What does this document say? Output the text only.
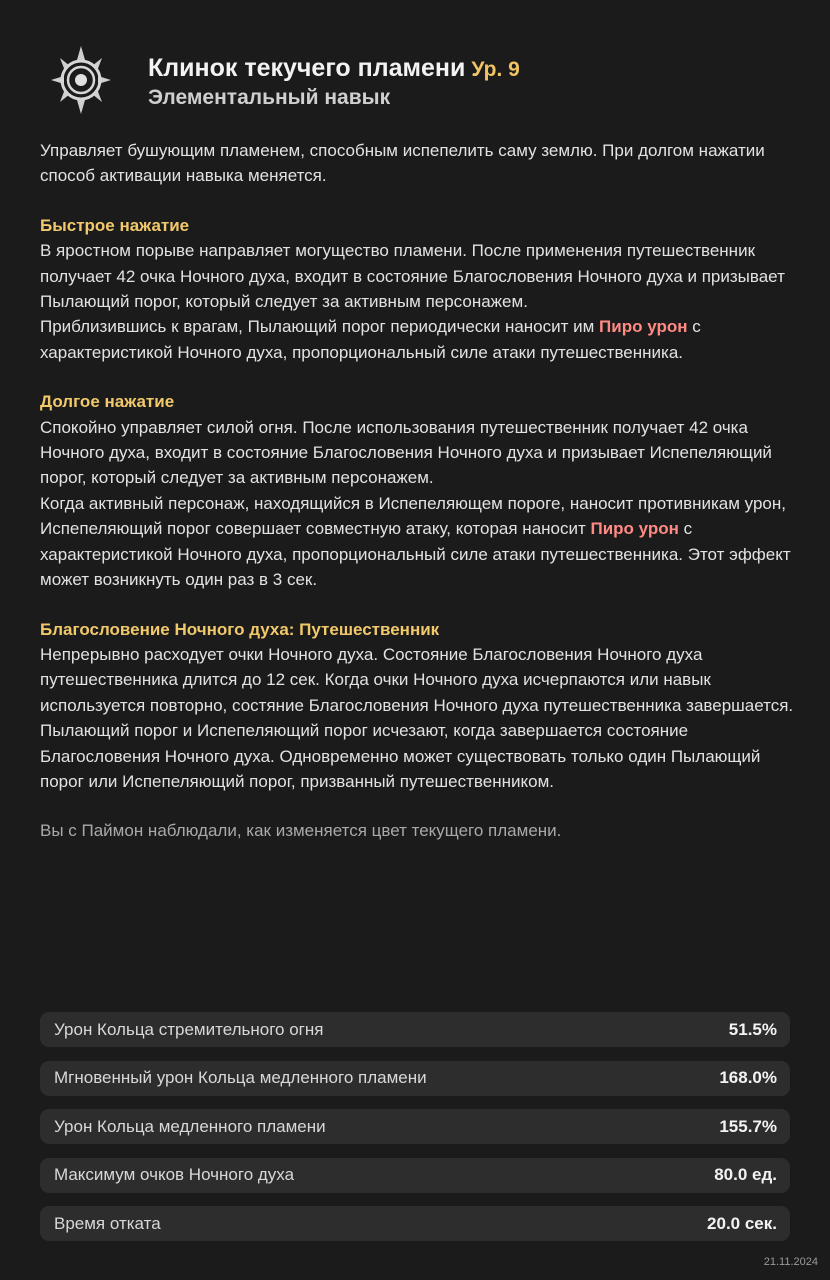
Клинок текучего пламени Ур. 9
Элементальный навык

Управляет бушующим пламенем, способным испепелить саму землю. При долгом нажатии способ активации навыка меняется.

Быстрое нажатие

В яростном порыве направляет могущество пламени. После применения путешественник получает 42 очка Ночного духа, входит в состояние Благословения Ночного духа и призывает Пылающий порог, который следует за активным персонажем.

Приблизившись к врагам, Пылающий порог периодически наносит им Пиро урон с характеристикой Ночного духа, пропорциональный силе атаки путешественника.

Долгое нажатие

Спокойно управляет силой огня. После использования путешественник получает 42 очка Ночного духа, входит в состояние Благословения Ночного духа и призывает Испепеляющий порог, который следует за активным персонажем.

Когда активный персонаж, находящийся в Испепеляющем пороге, наносит противникам урон, Испепеляющий порог совершает совместную атаку, которая наносит Пиро урон с характеристикой Ночного духа, пропорциональный силе атаки путешественника. Этот эффект может возникнуть один раз в 3 сек.

Благословение Ночного духа: Путешественник

Непрерывно расходует очки Ночного духа. Состояние Благословения Ночного духа путешественника длится до 12 сек. Когда очки Ночного духа исчерпаются или навык используется повторно, состяние Благословения Ночного духа путешественника завершается.

Пылающий порог и Испепеляющий порог исчезают, когда завершается состояние Благословения Ночного духа. Одновременно может существовать только один Пылающий порог или Испепеляющий порог, призванный путешественником.

Вы с Паймон наблюдали, как изменяется цвет текущего пламени.

Урон Кольца стремительного огня	51.5%
Мгновенный урон Кольца медленного пламени	168.0%
Урон Кольца медленного пламени	155.7%
Максимум очков Ночного духа	80.0 ед.
Время отката	20.0 сек.
21.11.2024
